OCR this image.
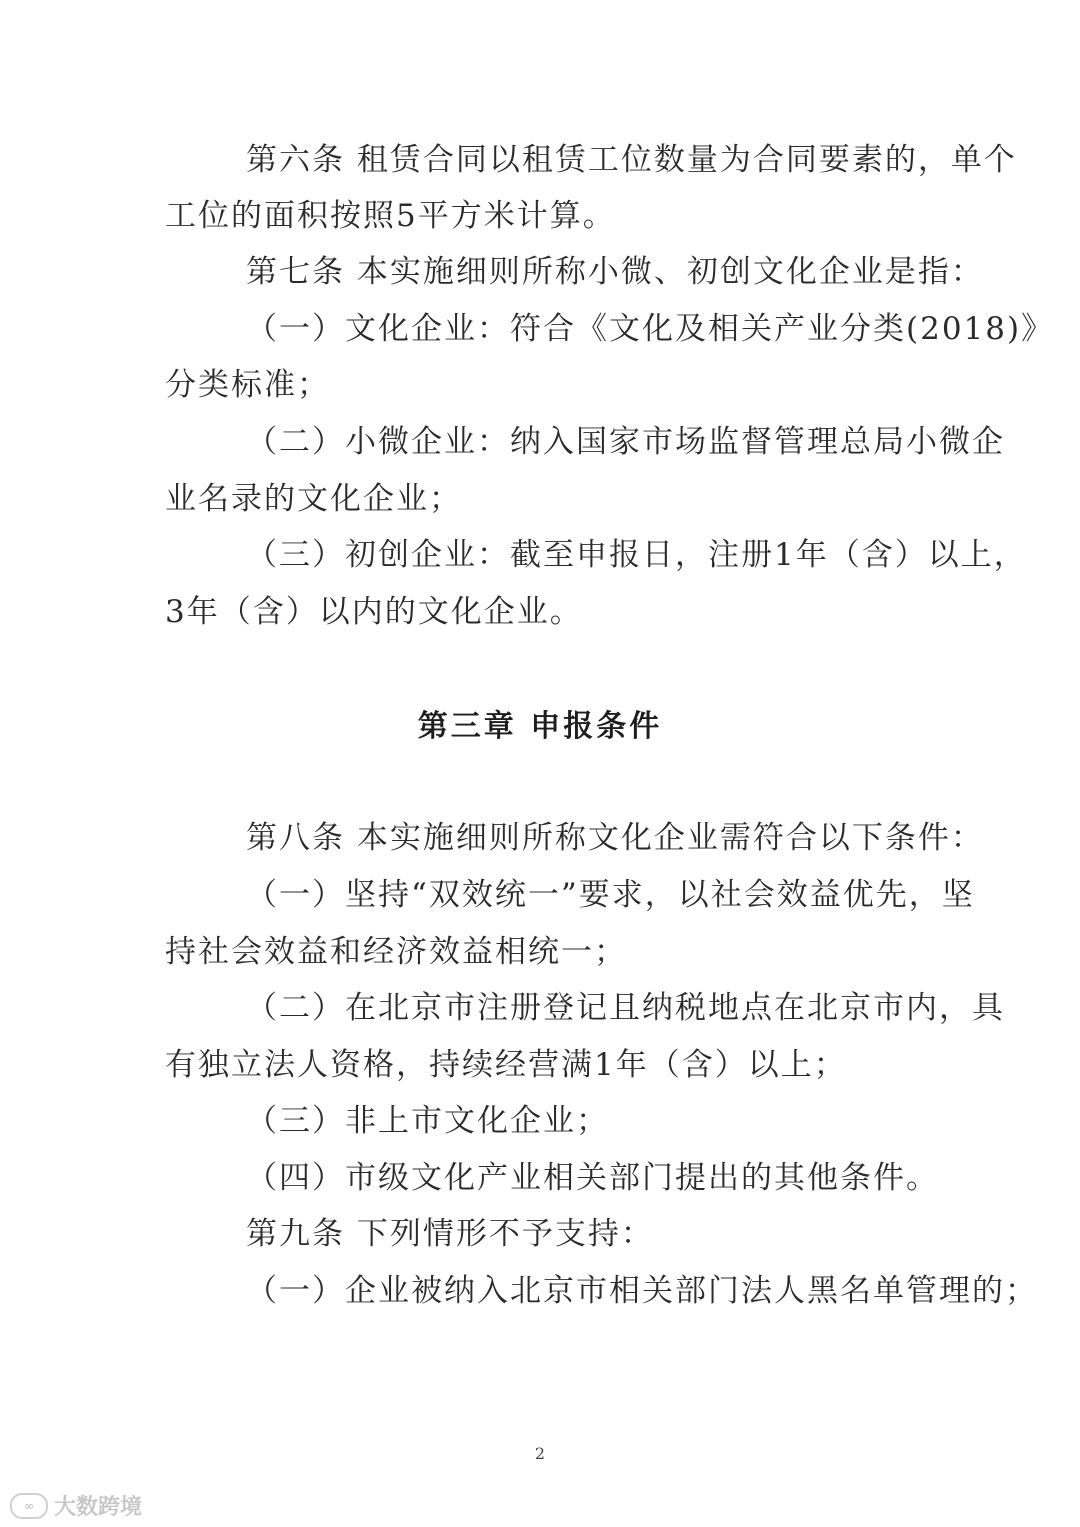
第六条 租赁合同以租赁工位数量为合同要素的，单个
工位的面积按照5平方米计算。
第七条 本实施细则所称小微、初创文化企业是指：
（一）文化企业：符合《文化及相关产业分类(2018)》
分类标准；
（二）小微企业：纳入国家市场监督管理总局小微企
业名录的文化企业；
（三）初创企业：截至申报日，注册1年（含）以上，
3年（含）以内的文化企业。
第三章 申报条件
第八条 本实施细则所称文化企业需符合以下条件：
（一）坚持“双效统一”要求，以社会效益优先，坚
持社会效益和经济效益相统一；
（二）在北京市注册登记且纳税地点在北京市内，具
有独立法人资格，持续经营满1年（含）以上；
（三）非上市文化企业；
（四）市级文化产业相关部门提出的其他条件。
第九条 下列情形不予支持：
（一）企业被纳入北京市相关部门法人黑名单管理的；
2
∞ 大数跨境
